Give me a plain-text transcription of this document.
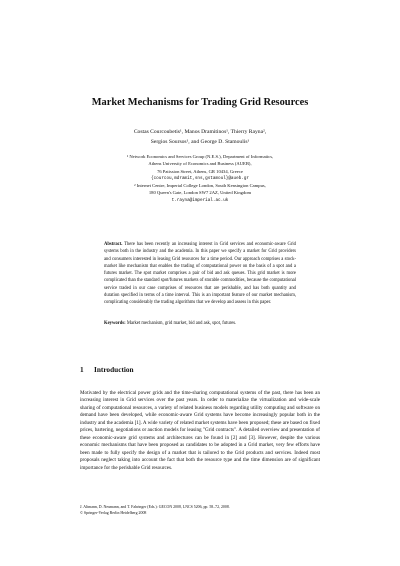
Market Mechanisms for Trading Grid Resources
Costas Courcoubetis¹, Manos Dramitinos¹, Thierry Rayna²,
Sergios Soursos¹, and George D. Stamoulis¹
¹ Network Economics and Services Group (N.E.S.), Department of Informatics,
Athens University of Economics and Business (AUEB),
76 Patission Street, Athens, GR 10434, Greece
{courcou,mdramit,sns,gstamoul}@aueb.gr
² Internet Centre, Imperial College London, South Kensington Campus,
180 Queen's Gate, London SW7 2AZ, United Kingdom
t.rayna@imperial.ac.uk
Abstract. There has been recently an increasing interest in Grid services and economic-aware Grid systems both in the industry and the academia. In this paper we specify a market for Grid providers and consumers interested in leasing Grid resources for a time period. Our approach comprises a stock-market like mechanism that enables the trading of computational power on the basis of a spot and a futures market. The spot market comprises a pair of bid and ask queues. This grid market is more complicated than the standard spot/futures markets of storable commodities, because the computational service traded in our case comprises of resources that are perishable, and has both quantity and duration specified in terms of a time interval. This is an important feature of our market mechanism, complicating considerably the trading algorithms that we develop and assess in this paper.
Keywords: Market mechanism, grid market, bid and ask, spot, futures.
1 Introduction
Motivated by the electrical power grids and the time-sharing computational systems of the past, there has been an increasing interest in Grid services over the past years. In order to materialize the virtualization and wide-scale sharing of computational resources, a variety of related business models regarding utility computing and software on demand have been developed, while economic-aware Grid systems have become increasingly popular both in the industry and the academia [1]. A wide variety of related market systems have been proposed; these are based on fixed prices, bartering, negotiations or auction models for leasing "Grid contracts". A detailed overview and presentation of these economic-aware grid systems and architectures can be found in [2] and [3]. However, despite the various economic mechanisms that have been proposed as candidates to be adopted in a Grid market, very few efforts have been made to fully specify the design of a market that is tailored to the Grid products and services. Indeed most proposals neglect taking into account the fact that both the resource type and the time dimension are of significant importance for the perishable Grid resources.
J. Altmann, D. Neumann, and T. Fahringer (Eds.): GECON 2008, LNCS 5206, pp. 58–72, 2008.
© Springer-Verlag Berlin Heidelberg 2008
